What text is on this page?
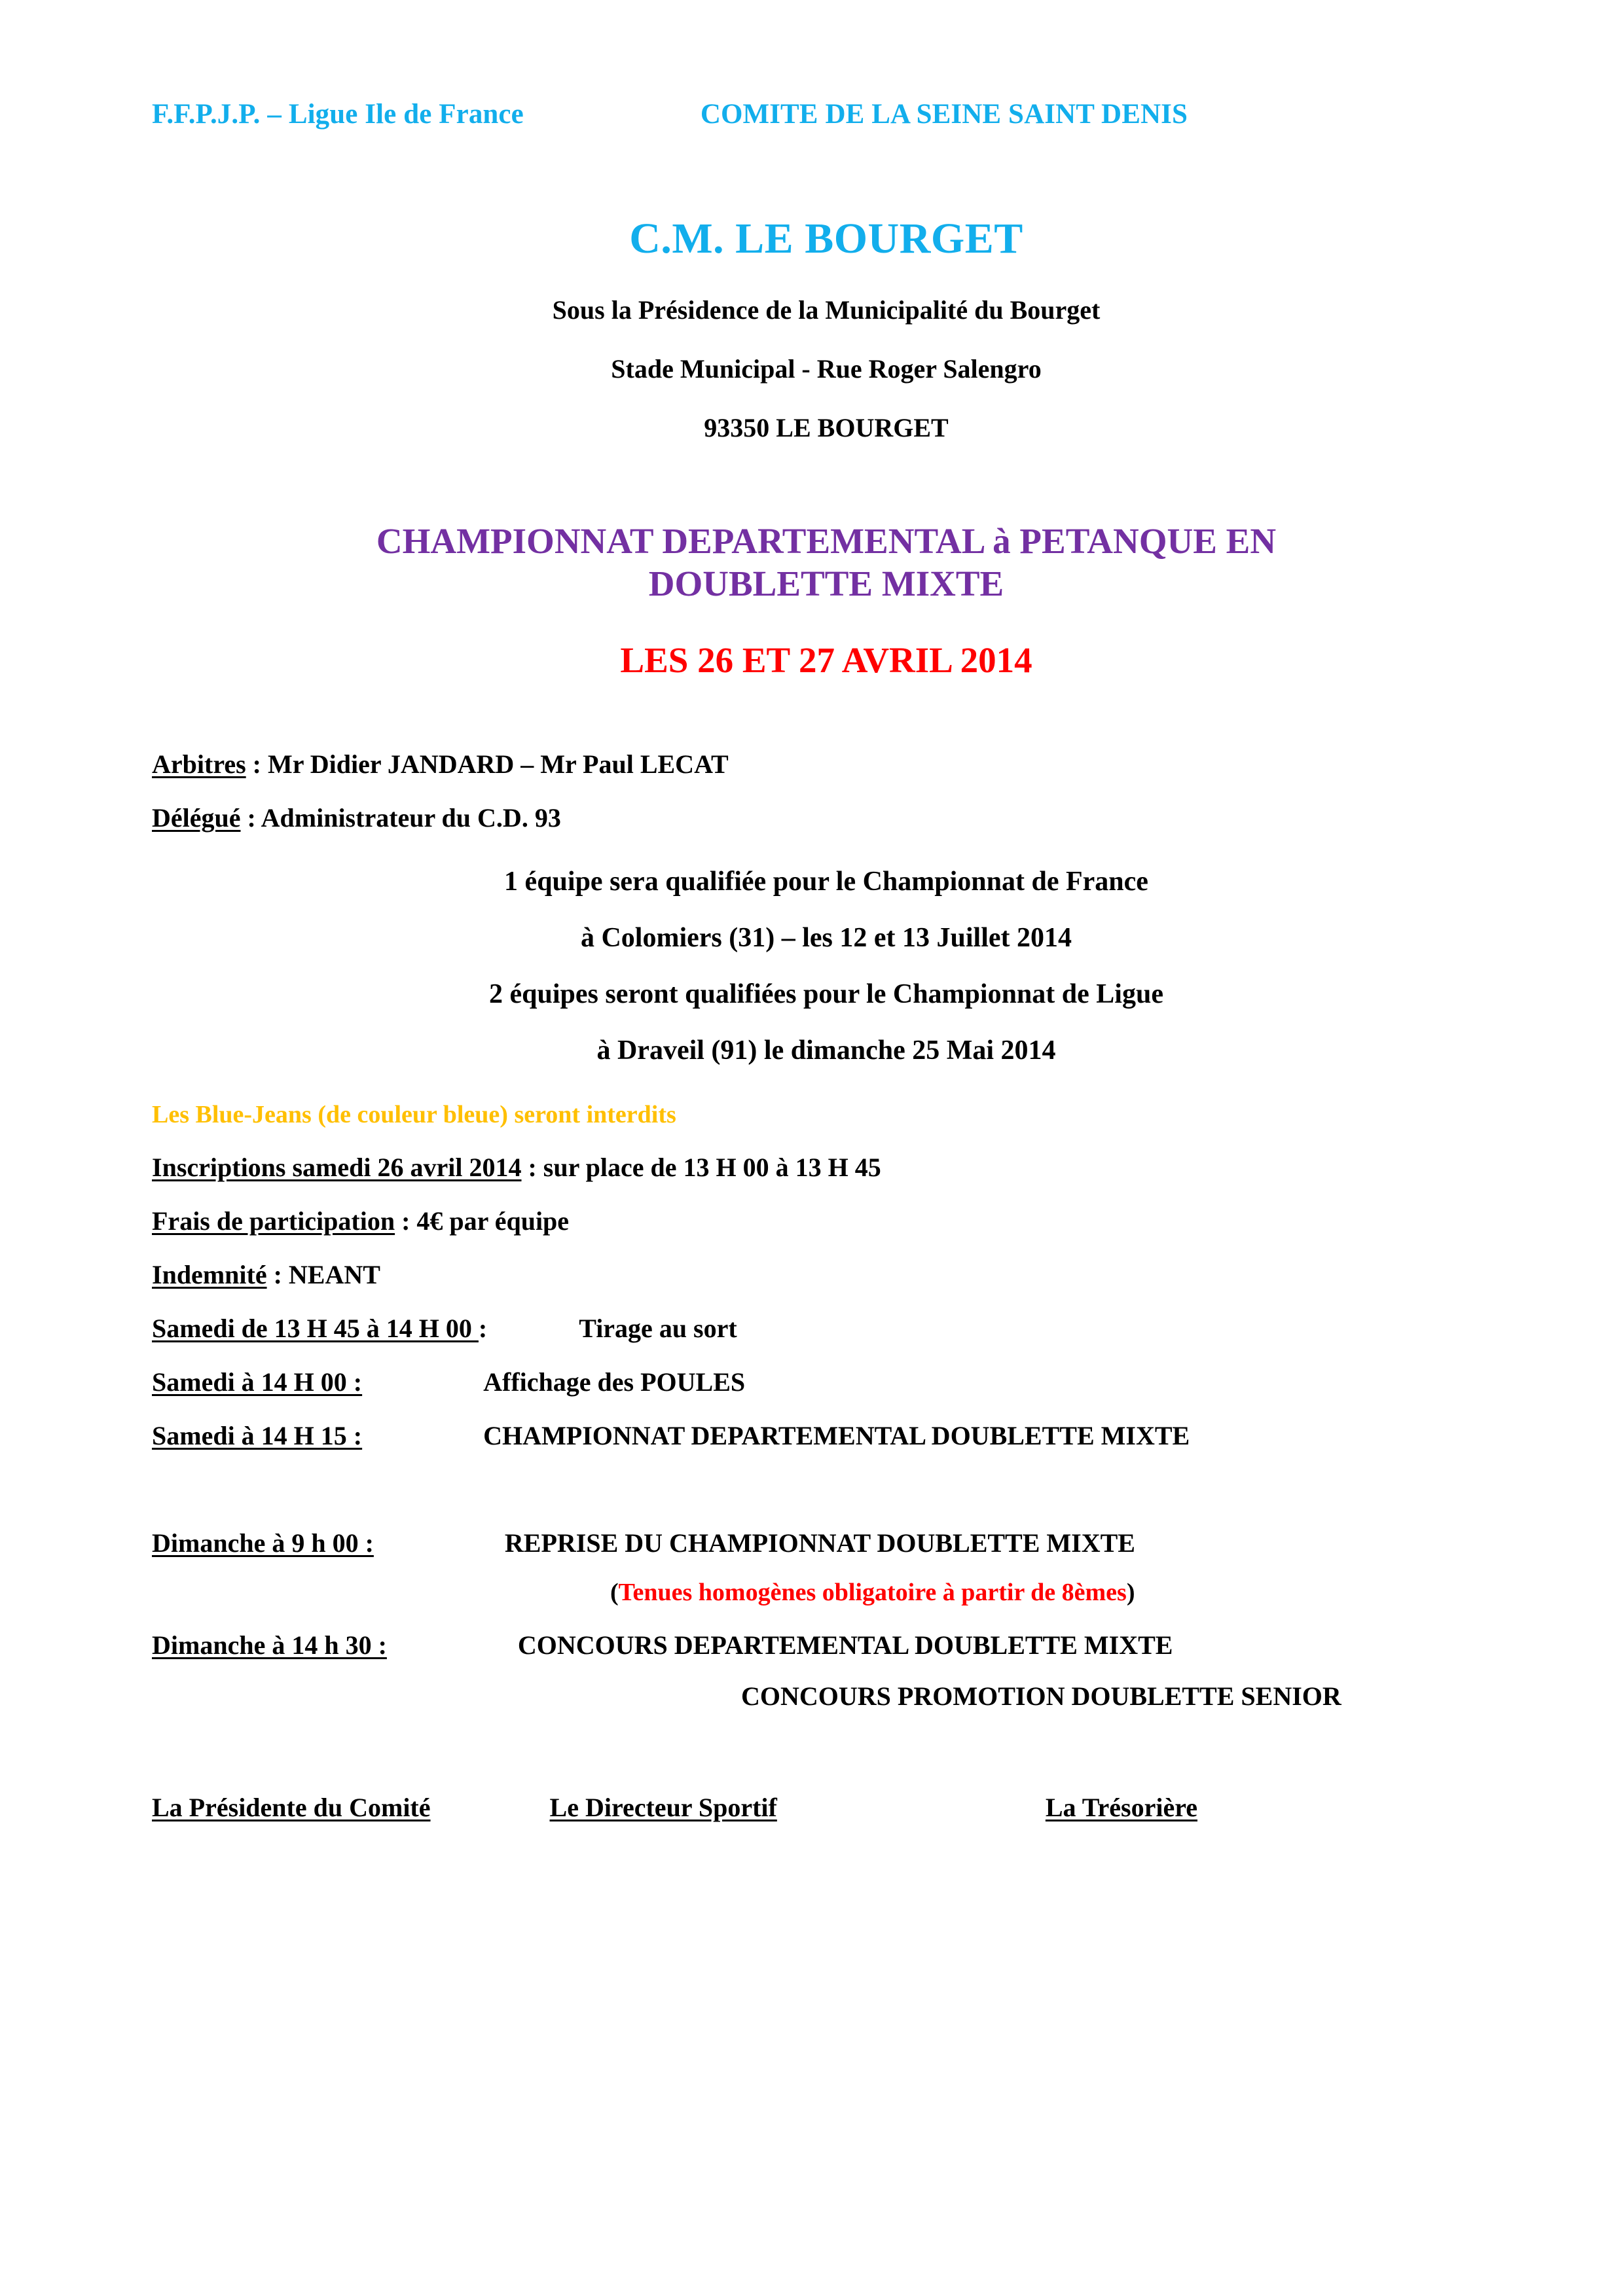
F.F.P.J.P. – Ligue Ile de France	COMITE DE LA SEINE SAINT DENIS
C.M. LE BOURGET
Sous la Présidence de la Municipalité du Bourget
Stade Municipal - Rue Roger Salengro
93350 LE BOURGET
CHAMPIONNAT DEPARTEMENTAL à PETANQUE EN
DOUBLETTE MIXTE
LES 26 ET 27 AVRIL 2014
Arbitres : Mr Didier JANDARD – Mr Paul LECAT
Délégué : Administrateur du C.D. 93
1 équipe sera qualifiée pour le Championnat de France
à Colomiers (31) – les 12 et 13 Juillet 2014
2 équipes seront qualifiées pour le Championnat de Ligue
à Draveil (91) le dimanche 25 Mai 2014
Les Blue-Jeans (de couleur bleue) seront interdits
Inscriptions samedi 26 avril 2014 : sur place de 13 H 00 à 13 H 45
Frais de participation : 4€ par équipe
Indemnité : NEANT
Samedi de 13 H 45 à 14 H 00 :	Tirage au sort
Samedi à 14 H 00 :	Affichage des POULES
Samedi à 14 H 15 :	CHAMPIONNAT DEPARTEMENTAL DOUBLETTE MIXTE
Dimanche à 9 h 00 :	REPRISE DU CHAMPIONNAT DOUBLETTE MIXTE
(Tenues homogènes obligatoire à partir de 8èmes)
Dimanche à 14 h 30 :	CONCOURS DEPARTEMENTAL DOUBLETTE MIXTE
CONCOURS PROMOTION DOUBLETTE SENIOR
La Présidente du Comité	Le Directeur Sportif	La Trésorière
